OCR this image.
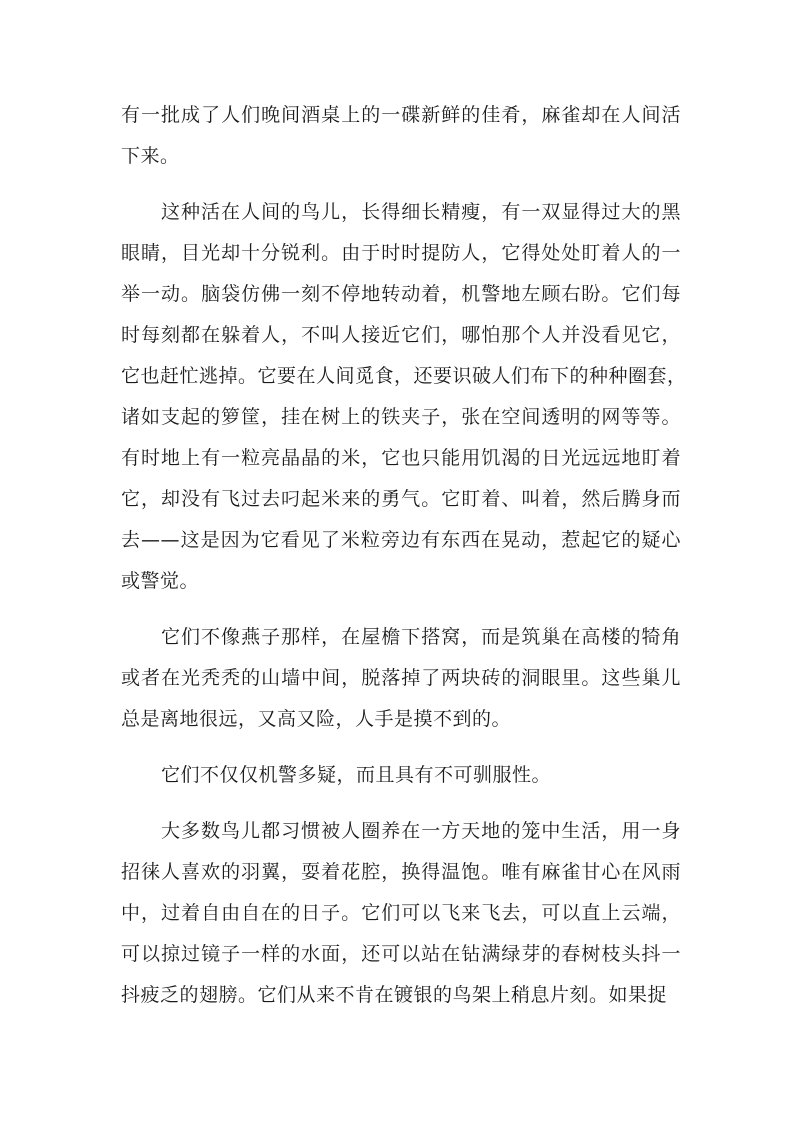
有一批成了人们晚间酒桌上的一碟新鲜的佳肴，麻雀却在人间活
下来。
这种活在人间的鸟儿，长得细长精瘦，有一双显得过大的黑
眼睛，目光却十分锐利。由于时时提防人，它得处处盯着人的一
举一动。脑袋仿佛一刻不停地转动着，机警地左顾右盼。它们每
时每刻都在躲着人，不叫人接近它们，哪怕那个人并没看见它，
它也赶忙逃掉。它要在人间觅食，还要识破人们布下的种种圈套，
诸如支起的箩筐，挂在树上的铁夹子，张在空间透明的网等等。
有时地上有一粒亮晶晶的米，它也只能用饥渴的日光远远地盯着
它，却没有飞过去叼起米来的勇气。它盯着、叫着，然后腾身而
去——这是因为它看见了米粒旁边有东西在晃动，惹起它的疑心
或警觉。
它们不像燕子那样，在屋檐下搭窝，而是筑巢在高楼的犄角
或者在光秃秃的山墙中间，脱落掉了两块砖的洞眼里。这些巢儿
总是离地很远，又高又险，人手是摸不到的。
它们不仅仅机警多疑，而且具有不可驯服性。
大多数鸟儿都习惯被人圈养在一方天地的笼中生活，用一身
招徕人喜欢的羽翼，耍着花腔，换得温饱。唯有麻雀甘心在风雨
中，过着自由自在的日子。它们可以飞来飞去，可以直上云端，
可以掠过镜子一样的水面，还可以站在钻满绿芽的春树枝头抖一
抖疲乏的翅膀。它们从来不肯在镀银的鸟架上稍息片刻。如果捉
